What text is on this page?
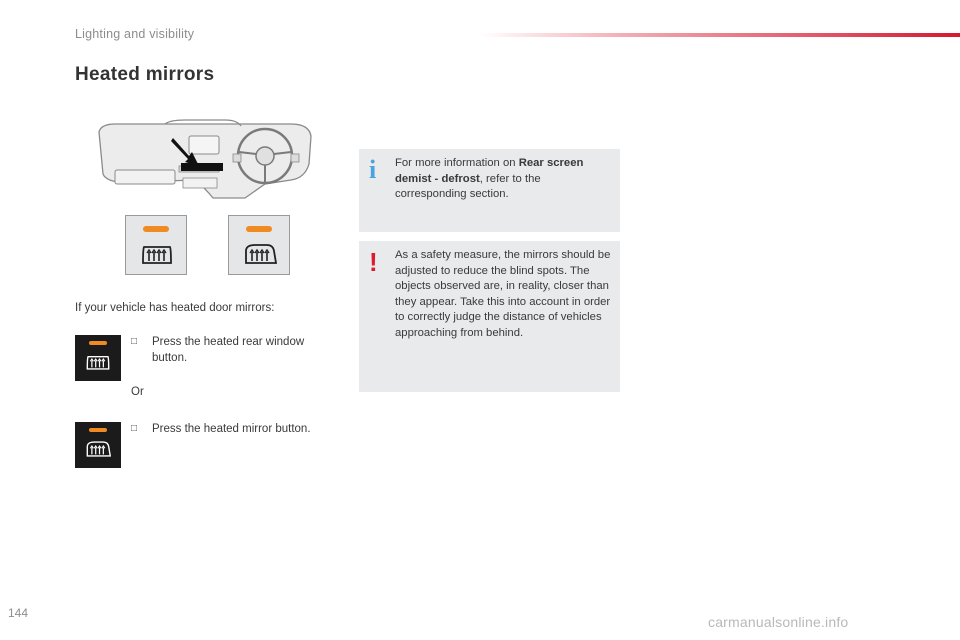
Lighting and visibility
Heated mirrors

If your vehicle has heated door mirrors:

□ Press the heated rear window button.

Or
□ Press the heated mirror button.

i For more information on Rear screen demist - defrost, refer to the corresponding section.

! As a safety measure, the mirrors should be adjusted to reduce the blind spots. The objects observed are, in reality, closer than they appear. Take this into account in order to correctly judge the distance of vehicles approaching from behind.

144
carmanualsonline.info
